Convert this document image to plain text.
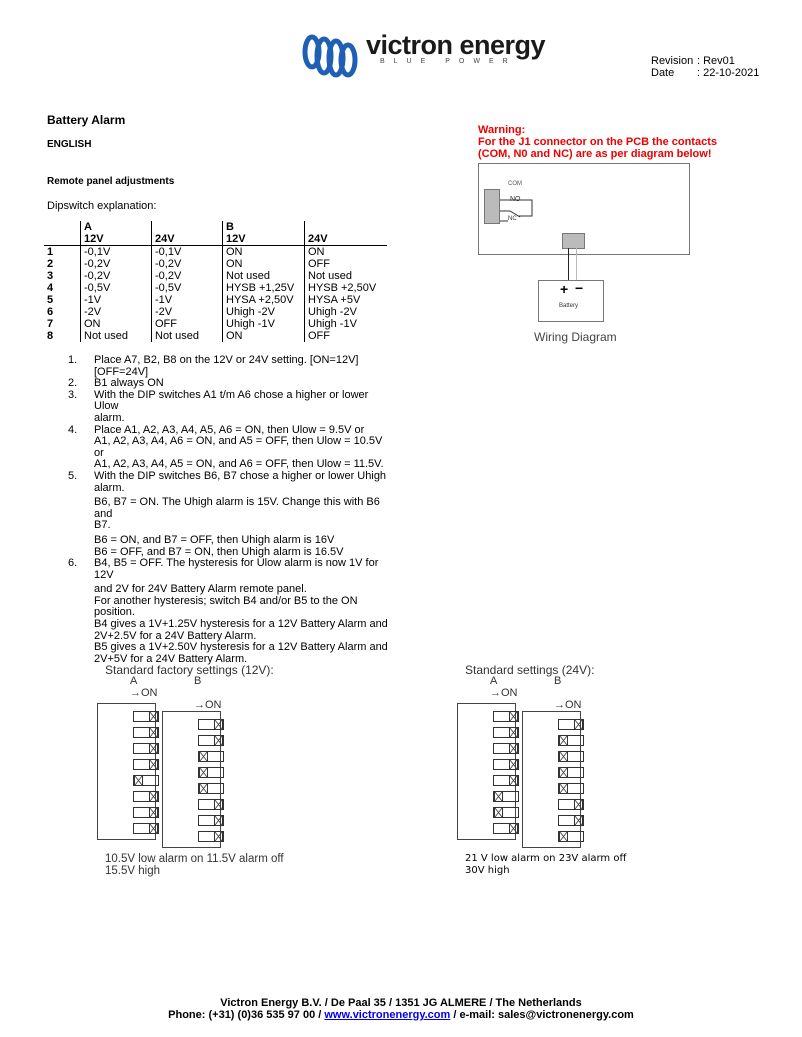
victron energy
BLUE POWER	Revision : Rev01
Date : 22-10-2021
Battery Alarm
ENGLISH
Remote panel adjustments
Dipswitch explanation:
	A		B	
	12V	24V	12V	24V
1	-0,1V	-0,1V	ON	ON
2	-0,2V	-0,2V	ON	OFF
3	-0,2V	-0,2V	Not used	Not used
4	-0,5V	-0,5V	HYSB +1,25V	HYSB +2,50V
5	-1V	-1V	HYSA +2,50V	HYSA +5V
6	-2V	-2V	Uhigh -2V	Uhigh -2V
7	ON	OFF	Uhigh -1V	Uhigh -1V
8	Not used	Not used	ON	OFF
1. Place A7, B2, B8 on the 12V or 24V setting. [ON=12V]
[OFF=24V]
2. B1 always ON
3. With the DIP switches A1 t/m A6 chose a higher or lower Ulow
alarm.
4. Place A1, A2, A3, A4, A5, A6 = ON, then Ulow = 9.5V or
A1, A2, A3, A4, A6 = ON, and A5 = OFF, then Ulow = 10.5V or
A1, A2, A3, A4, A5 = ON, and A6 = OFF, then Ulow = 11.5V.
5. With the DIP switches B6, B7 chose a higher or lower Uhigh
alarm.
B6, B7 = ON. The Uhigh alarm is 15V. Change this with B6 and
B7.
B6 = ON, and B7 = OFF, then Uhigh alarm is 16V
B6 = OFF, and B7 = ON, then Uhigh alarm is 16.5V
6. B4, B5 = OFF. The hysteresis for Ulow alarm is now 1V for 12V
and 2V for 24V Battery Alarm remote panel.
For another hysteresis; switch B4 and/or B5 to the ON position.
B4 gives a 1V+1.25V hysteresis for a 12V Battery Alarm and
2V+2.5V for a 24V Battery Alarm.
B5 gives a 1V+2.50V hysteresis for a 12V Battery Alarm and
2V+5V for a 24V Battery Alarm.
Warning:
For the J1 connector on the PCB the contacts
(COM, N0 and NC) are as per diagram below!
COM
NO
NC
+ −
Battery
Wiring Diagram
Standard factory settings (12V):
A	B
→ON
→ON
10.5V low alarm on 11.5V alarm off
15.5V high
Standard settings (24V):
A	B
→ON
→ON
21 V low alarm on 23V alarm off
30V high
Victron Energy B.V. / De Paal 35 / 1351 JG ALMERE / The Netherlands
Phone: (+31) (0)36 535 97 00 / www.victronenergy.com / e-mail: sales@victronenergy.com
